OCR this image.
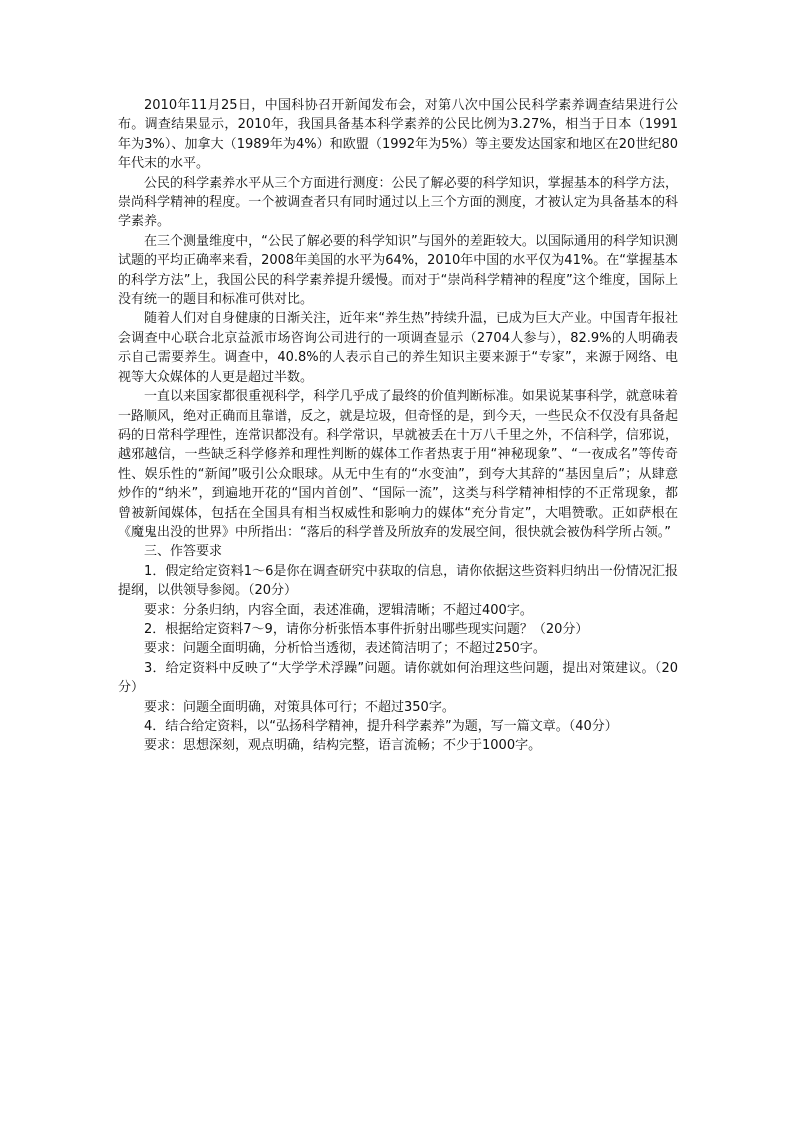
2010年11月25日，中国科协召开新闻发布会，对第八次中国公民科学素养调查结果进行公布。调查结果显示，2010年，我国具备基本科学素养的公民比例为3.27%，相当于日本（1991年为3%）、加拿大（1989年为4%）和欧盟（1992年为5%）等主要发达国家和地区在20世纪80年代末的水平。

公民的科学素养水平从三个方面进行测度：公民了解必要的科学知识，掌握基本的科学方法，崇尚科学精神的程度。一个被调查者只有同时通过以上三个方面的测度，才被认定为具备基本的科学素养。

在三个测量维度中，“公民了解必要的科学知识”与国外的差距较大。以国际通用的科学知识测试题的平均正确率来看，2008年美国的水平为64%，2010年中国的水平仅为41%。在“掌握基本的科学方法”上，我国公民的科学素养提升缓慢。而对于“崇尚科学精神的程度”这个维度，国际上没有统一的题目和标准可供对比。

随着人们对自身健康的日渐关注，近年来“养生热”持续升温，已成为巨大产业。中国青年报社会调查中心联合北京益派市场咨询公司进行的一项调查显示（2704人参与），82.9%的人明确表示自己需要养生。调查中，40.8%的人表示自己的养生知识主要来源于“专家”，来源于网络、电视等大众媒体的人更是超过半数。

一直以来国家都很重视科学，科学几乎成了最终的价值判断标准。如果说某事科学，就意味着一路顺风，绝对正确而且靠谱，反之，就是垃圾，但奇怪的是，到今天，一些民众不仅没有具备起码的日常科学理性，连常识都没有。科学常识，早就被丢在十万八千里之外，不信科学，信邪说，越邪越信，一些缺乏科学修养和理性判断的媒体工作者热衷于用“神秘现象”、“一夜成名”等传奇性、娱乐性的“新闻”吸引公众眼球。从无中生有的“水变油”，到夸大其辞的“基因皇后”；从肆意炒作的“纳米”，到遍地开花的“国内首创”、“国际一流”，这类与科学精神相悖的不正常现象，都曾被新闻媒体，包括在全国具有相当权威性和影响力的媒体“充分肯定”，大唱赞歌。正如萨根在《魔鬼出没的世界》中所指出：“落后的科学普及所放弃的发展空间，很快就会被伪科学所占领。”

三、作答要求

1．假定给定资料1～6是你在调查研究中获取的信息，请你依据这些资料归纳出一份情况汇报提纲，以供领导参阅。（20分）

要求：分条归纳，内容全面，表述准确，逻辑清晰；不超过400字。

2．根据给定资料7～9，请你分析张悟本事件折射出哪些现实问题？（20分）

要求：问题全面明确，分析恰当透彻，表述简洁明了；不超过250字。

3．给定资料中反映了“大学学术浮躁”问题。请你就如何治理这些问题，提出对策建议。（20分）

要求：问题全面明确，对策具体可行；不超过350字。

4．结合给定资料，以“弘扬科学精神，提升科学素养”为题，写一篇文章。（40分）

要求：思想深刻，观点明确，结构完整，语言流畅；不少于1000字。
